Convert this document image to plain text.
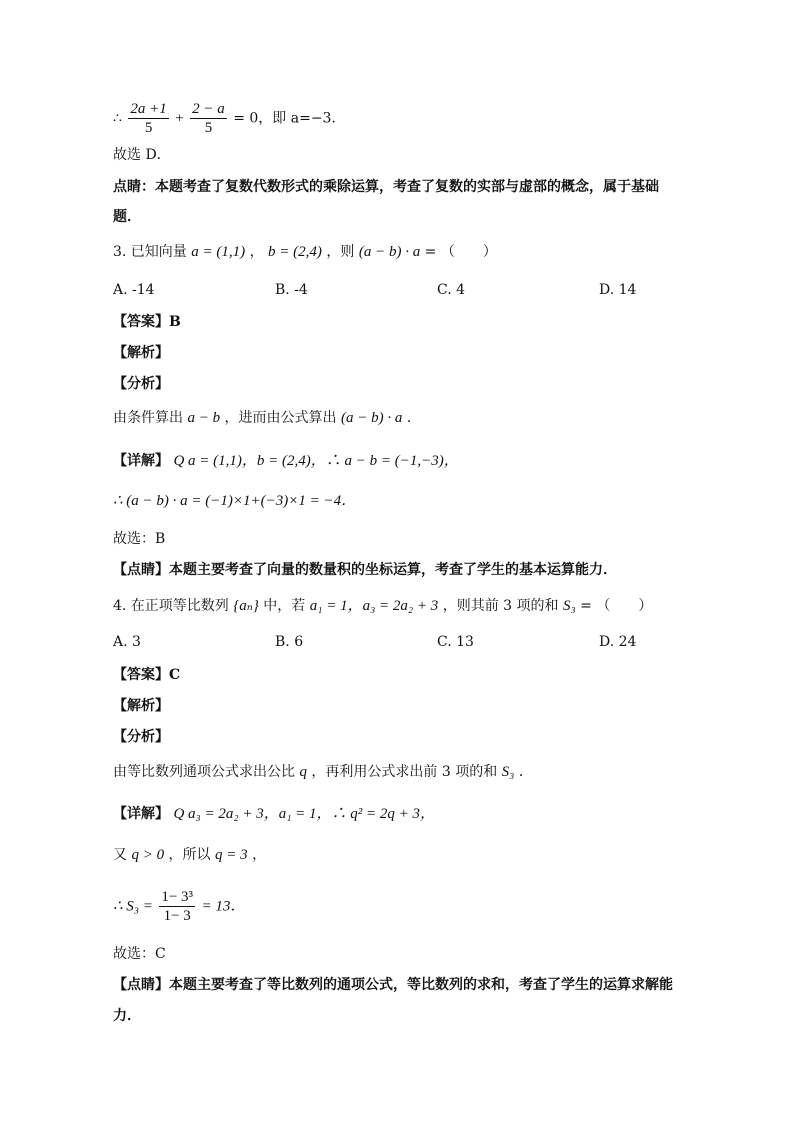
∴ $\frac{2a +1}{5} + \frac{2 - a}{5} = 0$，即 a=−3．
故选 D．
点睛：本题考查了复数代数形式的乘除运算，考查了复数的实部与虚部的概念，属于基础
题．
3. 已知向量 a = (1,1) ， b = (2,4) ，则 (a − b) · a = （　　）
A. -14	B. -4	C. 4	D. 14
【答案】B
【解析】
【分析】
由条件算出 a − b ，进而由公式算出 (a − b) · a ．
【详解】 Q a = (1,1)，b = (2,4)，∴ a − b = (−1,−3)，
∴ (a − b) · a = (−1)×1+(−3)×1 = −4．
故选：B
【点睛】本题主要考查了向量的数量积的坐标运算，考查了学生的基本运算能力．
4. 在正项等比数列 {aₙ} 中，若 a₁ = 1，a₃ = 2a₂ + 3 ，则其前 3 项的和 S₃ = （　　）
A. 3	B. 6	C. 13	D. 24
【答案】C
【解析】
【分析】
由等比数列通项公式求出公比 q ，再利用公式求出前 3 项的和 S₃ ．
【详解】 Q a₃ = 2a₂ + 3，a₁ = 1，∴ q² = 2q + 3，
又 q > 0 ，所以 q = 3 ，
∴ $S_3 = \frac{\text{1− 3³}}{1- 3} = 13$．
故选：C
【点睛】本题主要考查了等比数列的通项公式，等比数列的求和，考查了学生的运算求解能
力．
